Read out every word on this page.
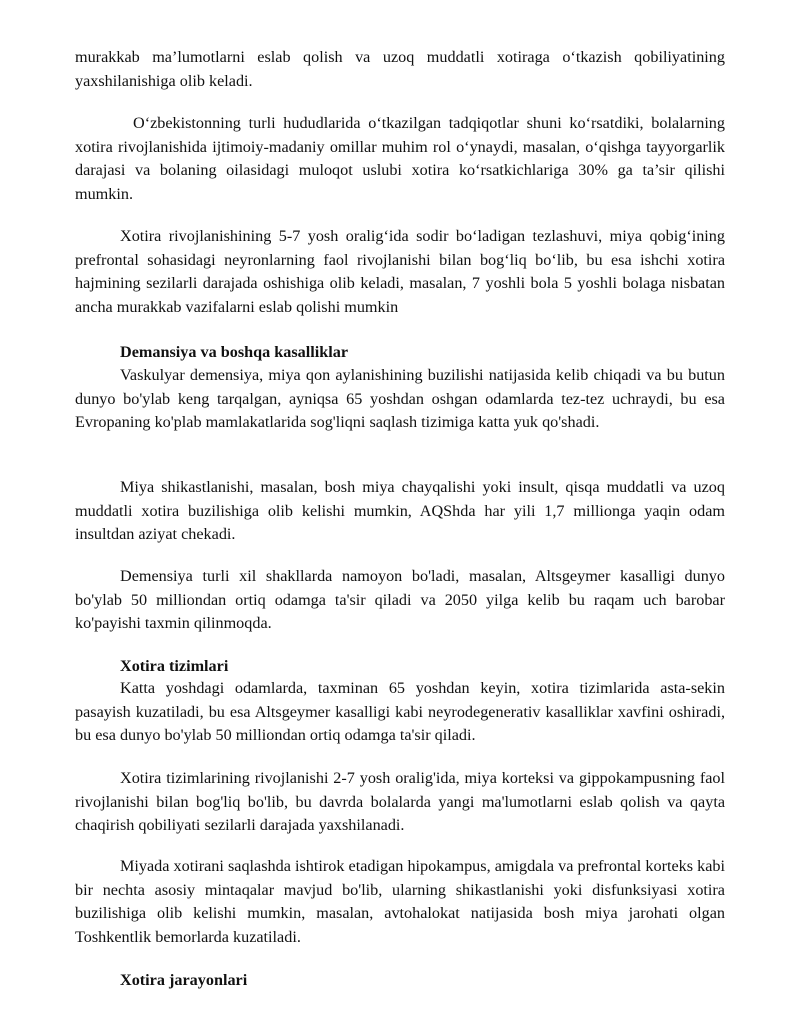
murakkab ma’lumotlarni eslab qolish va uzoq muddatli xotiraga o‘tkazish qobiliyatining yaxshilanishiga olib keladi.

O‘zbekistonning turli hududlarida o‘tkazilgan tadqiqotlar shuni ko‘rsatdiki, bolalarning xotira rivojlanishida ijtimoiy-madaniy omillar muhim rol o‘ynaydi, masalan, o‘qishga tayyorgarlik darajasi va bolaning oilasidagi muloqot uslubi xotira ko‘rsatkichlariga 30% ga ta’sir qilishi mumkin.

Xotira rivojlanishining 5-7 yosh oralig‘ida sodir bo‘ladigan tezlashuvi, miya qobig‘ining prefrontal sohasidagi neyronlarning faol rivojlanishi bilan bog‘liq bo‘lib, bu esa ishchi xotira hajmining sezilarli darajada oshishiga olib keladi, masalan, 7 yoshli bola 5 yoshli bolaga nisbatan ancha murakkab vazifalarni eslab qolishi mumkin

Demansiya va boshqa kasalliklar

Vaskulyar demensiya, miya qon aylanishining buzilishi natijasida kelib chiqadi va bu butun dunyo bo'ylab keng tarqalgan, ayniqsa 65 yoshdan oshgan odamlarda tez-tez uchraydi, bu esa Evropaning ko'plab mamlakatlarida sog'liqni saqlash tizimiga katta yuk qo'shadi.

Miya shikastlanishi, masalan, bosh miya chayqalishi yoki insult, qisqa muddatli va uzoq muddatli xotira buzilishiga olib kelishi mumkin, AQShda har yili 1,7 millionga yaqin odam insultdan aziyat chekadi.

Demensiya turli xil shakllarda namoyon bo'ladi, masalan, Altsgeymer kasalligi dunyo bo'ylab 50 milliondan ortiq odamga ta'sir qiladi va 2050 yilga kelib bu raqam uch barobar ko'payishi taxmin qilinmoqda.

Xotira tizimlari

Katta yoshdagi odamlarda, taxminan 65 yoshdan keyin, xotira tizimlarida asta-sekin pasayish kuzatiladi, bu esa Altsgeymer kasalligi kabi neyrodegenerativ kasalliklar xavfini oshiradi, bu esa dunyo bo'ylab 50 milliondan ortiq odamga ta'sir qiladi.

Xotira tizimlarining rivojlanishi 2-7 yosh oralig'ida, miya korteksi va gippokampusning faol rivojlanishi bilan bog'liq bo'lib, bu davrda bolalarda yangi ma'lumotlarni eslab qolish va qayta chaqirish qobiliyati sezilarli darajada yaxshilanadi.

Miyada xotirani saqlashda ishtirok etadigan hipokampus, amigdala va prefrontal korteks kabi bir nechta asosiy mintaqalar mavjud bo'lib, ularning shikastlanishi yoki disfunksiyasi xotira buzilishiga olib kelishi mumkin, masalan, avtohalokat natijasida bosh miya jarohati olgan Toshkentlik bemorlarda kuzatiladi.

Xotira jarayonlari
